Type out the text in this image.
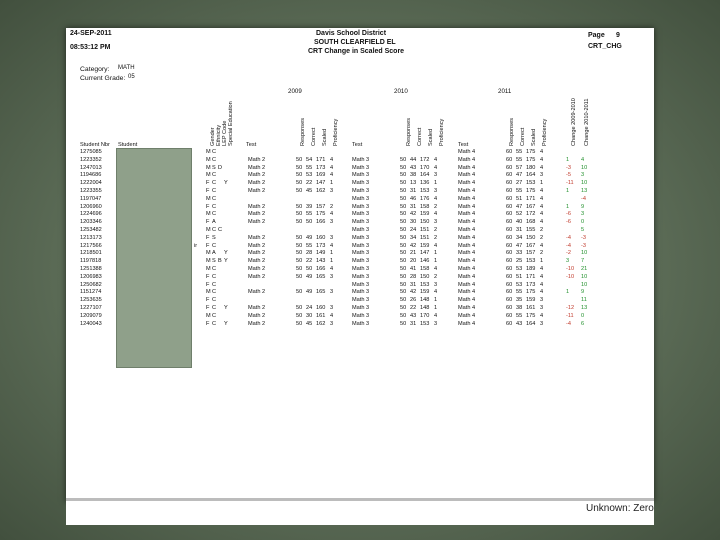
24-SEP-2011
08:53:12 PM
Davis School District
SOUTH CLEARFIELD EL
CRT Change in Scaled Score
Page 9
CRT_CHG
Category: MATH
Current Grade: 05
2009	2010	2011
Student Nbr Student	Gender Ethnicity LEP Code Special Education	Responses Correct Scaled Proficiency	Responses Correct Scaled Proficiency	Responses Correct Scaled Proficiency	Change 2009-2010 Change 2010-2011
Test	Test	Test
1275085	M C	Math 4	60 55 175 4
1223352	M C	Math 2	50 54 171 4	Math 3	50 44 172 4	Math 4	60 55 175 4	1 4
1247013	M S D	Math 2	50 55 173 4	Math 3	50 43 170 4	Math 4	60 57 180 4	-3 10
1194686	M C	Math 2	50 53 169 4	Math 3	50 38 164 3	Math 4	60 47 164 3	-5 3
1222004	F C Y	Math 2	50 22 147 1	Math 3	50 13 136 1	Math 4	60 27 153 1	-11 10
1223355	F C	Math 2	50 45 162 3	Math 3	50 31 153 3	Math 4	60 55 175 4	1 13
1197047	M C	Math 3	50 46 176 4	Math 4	60 51 171 4	-4
1206960	F C	Math 2	50 39 157 2	Math 3	50 31 158 2	Math 4	60 47 167 4	1 9
1224696	M C	Math 2	50 55 175 4	Math 3	50 42 159 4	Math 4	60 52 172 4	-6 3
1203346	F A	Math 2	50 50 166 3	Math 3	50 30 150 3	Math 4	60 40 168 4	-6 0
1253482	M C C	Math 3	50 24 151 2	Math 4	60 31 155 2	5
1213173	F S	Math 2	50 49 160 3	Math 3	50 34 151 2	Math 4	60 34 150 2	-4 -3
1217566	F C	Math 2	50 55 173 4	Math 3	50 42 159 4	Math 4	60 47 167 4	-4 -3
1218501	M A Y	Math 2	50 28 149 1	Math 3	50 21 147 1	Math 4	60 33 157 2	-2 10
1197818	M S B Y	Math 2	50 22 143 1	Math 3	50 20 146 1	Math 4	60 25 153 1	3 7
1251388	M C	Math 2	50 50 166 4	Math 3	50 41 158 4	Math 4	60 53 189 4	-10 21
1206983	F C	Math 2	50 49 165 3	Math 3	50 28 150 2	Math 4	60 51 171 4	-10 10
1250682	F C	Math 3	50 31 153 3	Math 4	60 53 173 4	10
1151274	M C	Math 2	50 49 165 3	Math 3	50 42 159 4	Math 4	60 55 175 4	1 9
1253635	F C	Math 3	50 26 148 1	Math 4	60 35 159 3	11
1227107	F C Y	Math 2	50 24 160 3	Math 3	50 22 148 1	Math 4	60 38 161 3	-12 13
1209079	M C	Math 2	50 30 161 4	Math 3	50 43 170 4	Math 4	60 55 175 4	-11 0
1240043	F C Y	Math 2	50 45 162 3	Math 3	50 31 153 3	Math 4	60 43 164 3	-4 6
ir
Unknown: Zero
